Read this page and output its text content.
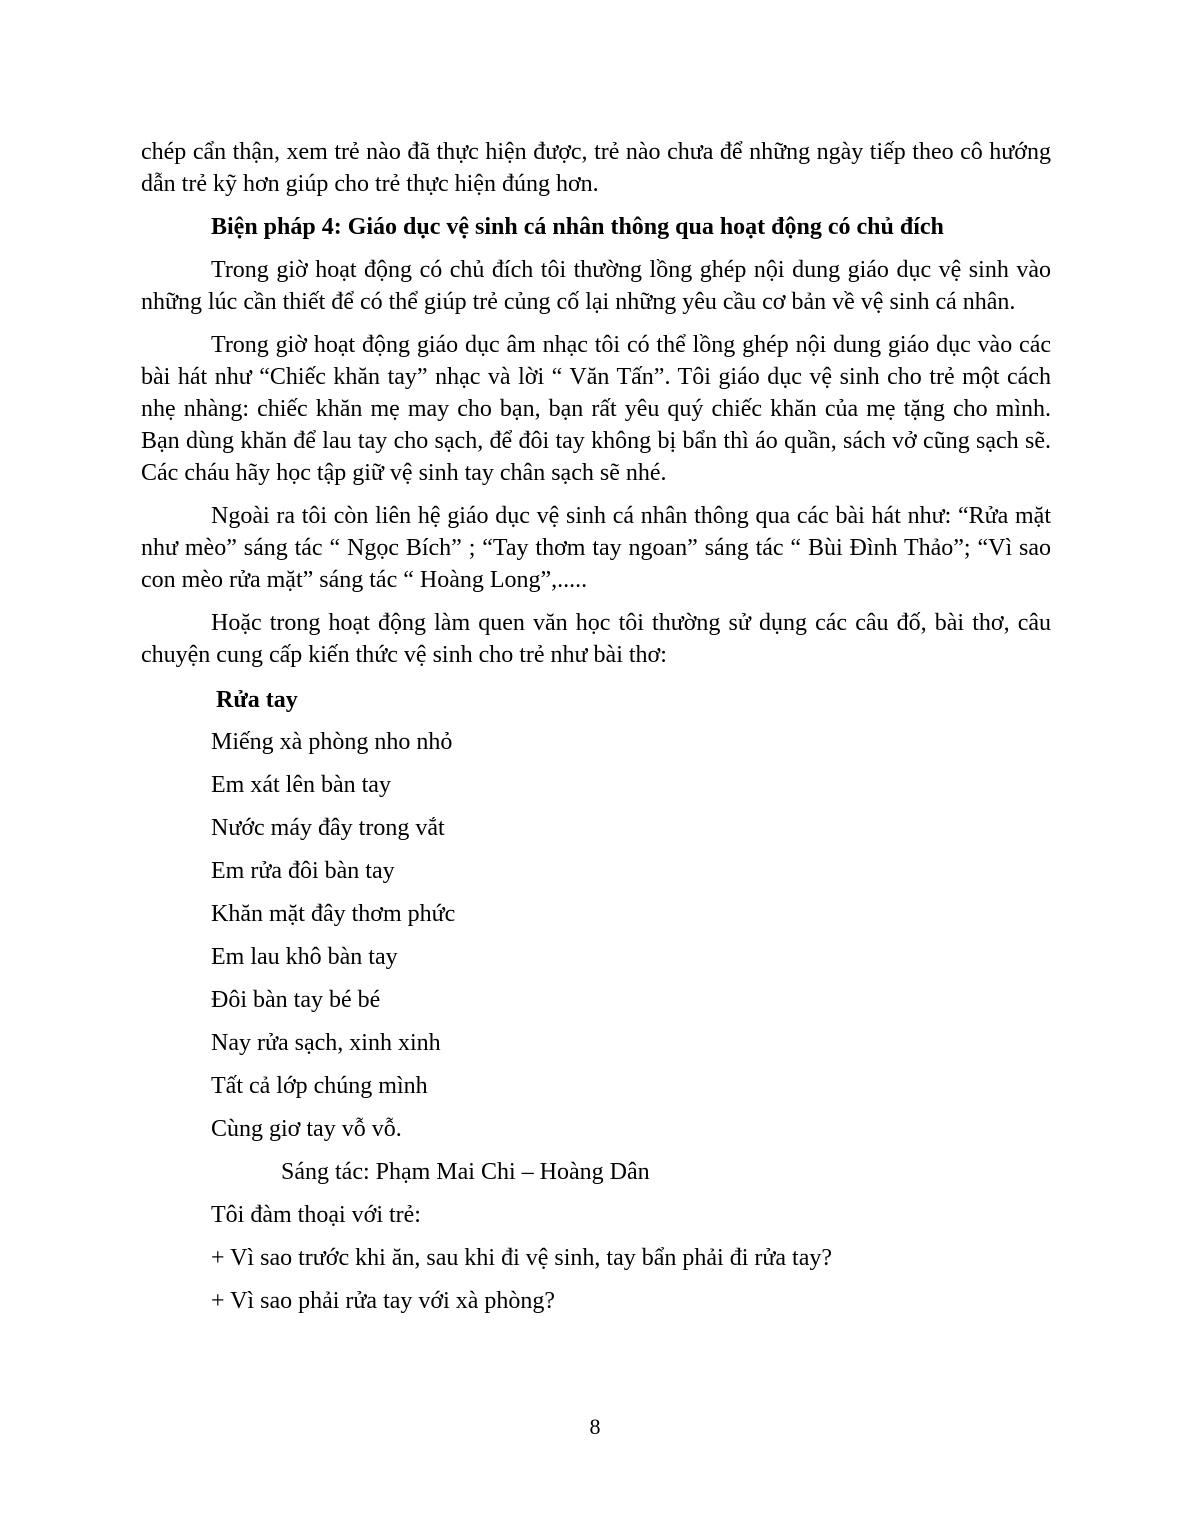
chép cẩn thận, xem trẻ nào đã thực hiện được, trẻ nào chưa để những ngày tiếp theo cô hướng dẫn trẻ kỹ hơn giúp cho trẻ thực hiện đúng hơn.

Biện pháp 4: Giáo dục vệ sinh cá nhân thông qua hoạt động có chủ đích

Trong giờ hoạt động có chủ đích tôi thường lồng ghép nội dung giáo dục vệ sinh vào những lúc cần thiết để có thể giúp trẻ củng cố lại những yêu cầu cơ bản về vệ sinh cá nhân.

Trong giờ hoạt động giáo dục âm nhạc tôi có thể lồng ghép nội dung giáo dục vào các bài hát như “Chiếc khăn tay” nhạc và lời “ Văn Tấn”. Tôi giáo dục vệ sinh cho trẻ một cách nhẹ nhàng: chiếc khăn mẹ may cho bạn, bạn rất yêu quý chiếc khăn của mẹ tặng cho mình. Bạn dùng khăn để lau tay cho sạch, để đôi tay không bị bẩn thì áo quần, sách vở cũng sạch sẽ. Các cháu hãy học tập giữ vệ sinh tay chân sạch sẽ nhé.

Ngoài ra tôi còn liên hệ giáo dục vệ sinh cá nhân thông qua các bài hát như: “Rửa mặt như mèo” sáng tác “ Ngọc Bích” ; “Tay thơm tay ngoan” sáng tác “ Bùi Đình Thảo”; “Vì sao con mèo rửa mặt” sáng tác “ Hoàng Long”,.....

Hoặc trong hoạt động làm quen văn học tôi thường sử dụng các câu đố, bài thơ, câu chuyện cung cấp kiến thức vệ sinh cho trẻ như bài thơ:

Rửa tay

Miếng xà phòng nho nhỏ
Em xát lên bàn tay
Nước máy đây trong vắt
Em rửa đôi bàn tay
Khăn mặt đây thơm phức
Em lau khô bàn tay
Đôi bàn tay bé bé
Nay rửa sạch, xinh xinh
Tất cả lớp chúng mình
Cùng giơ tay vỗ vỗ.

Sáng tác: Phạm Mai Chi – Hoàng Dân

Tôi đàm thoại với trẻ:

+ Vì sao trước khi ăn, sau khi đi vệ sinh, tay bẩn phải đi rửa tay?

+ Vì sao phải rửa tay với xà phòng?

8
